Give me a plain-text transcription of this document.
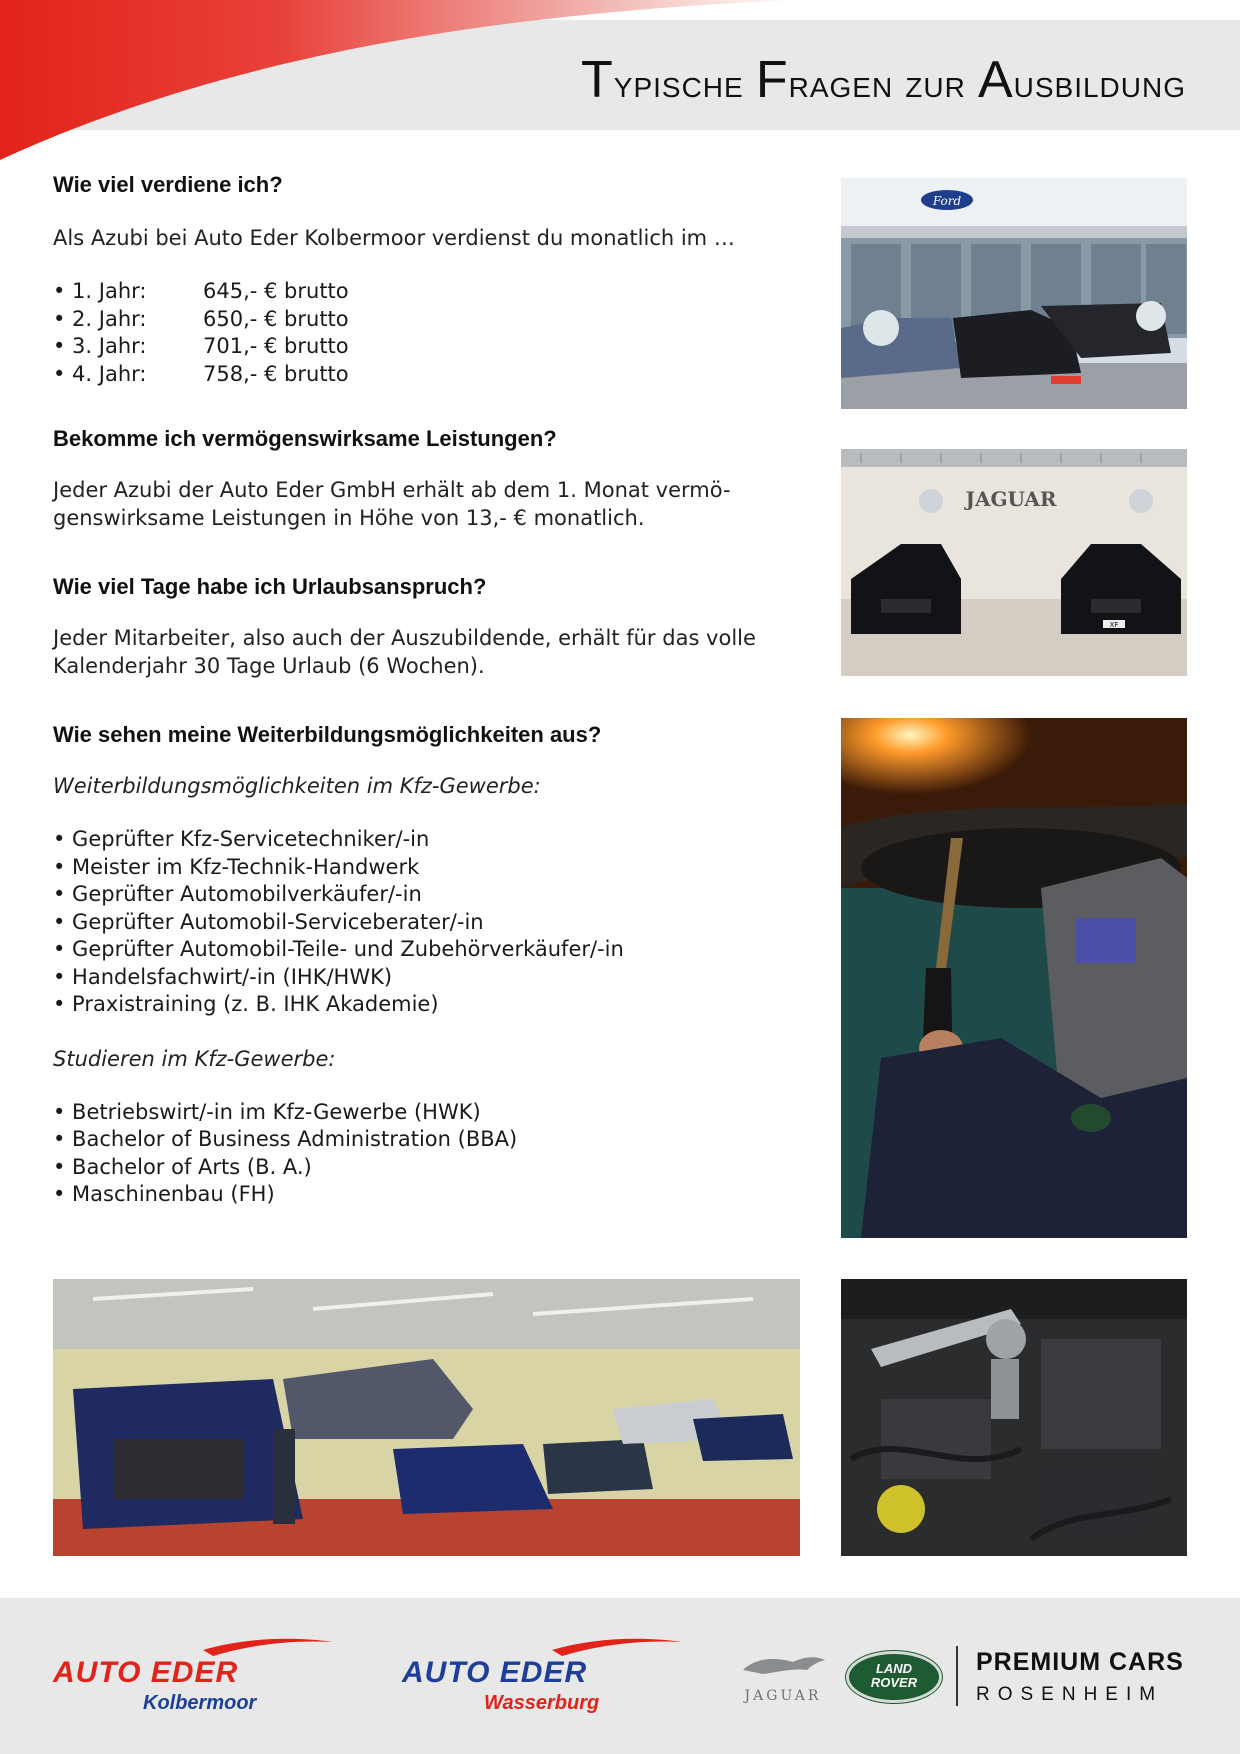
Typische Fragen zur Ausbildung

Wie viel verdiene ich?

Als Azubi bei Auto Eder Kolbermoor verdienst du monatlich im …

• 1. Jahr:	645,- € brutto
• 2. Jahr:	650,- € brutto
• 3. Jahr:	701,- € brutto
• 4. Jahr:	758,- € brutto

Bekomme ich vermögenswirksame Leistungen?

Jeder Azubi der Auto Eder GmbH erhält ab dem 1. Monat vermö-

genswirksame Leistungen in Höhe von 13,- € monatlich.

Wie viel Tage habe ich Urlaubsanspruch?

Jeder Mitarbeiter, also auch der Auszubildende, erhält für das volle

Kalenderjahr 30 Tage Urlaub (6 Wochen).

Wie sehen meine Weiterbildungsmöglichkeiten aus?

Weiterbildungsmöglichkeiten im Kfz-Gewerbe:

• Geprüfter Kfz-Servicetechniker/-in
• Meister im Kfz-Technik-Handwerk
• Geprüfter Automobilverkäufer/-in
• Geprüfter Automobil-Serviceberater/-in
• Geprüfter Automobil-Teile- und Zubehörverkäufer/-in
• Handelsfachwirt/-in (IHK/HWK)
• Praxistraining (z. B. IHK Akademie)

Studieren im Kfz-Gewerbe:

• Betriebswirt/-in im Kfz-Gewerbe (HWK)
• Bachelor of Business Administration (BBA)
• Bachelor of Arts (B. A.)
• Maschinenbau (FH)
Ford
JAGUAR
XF
AUTO EDER
Kolbermoor
AUTO EDER
Wasserburg	JAGUAR
LAND
ROVER
PREMIUM CARS
ROSENHEIM
